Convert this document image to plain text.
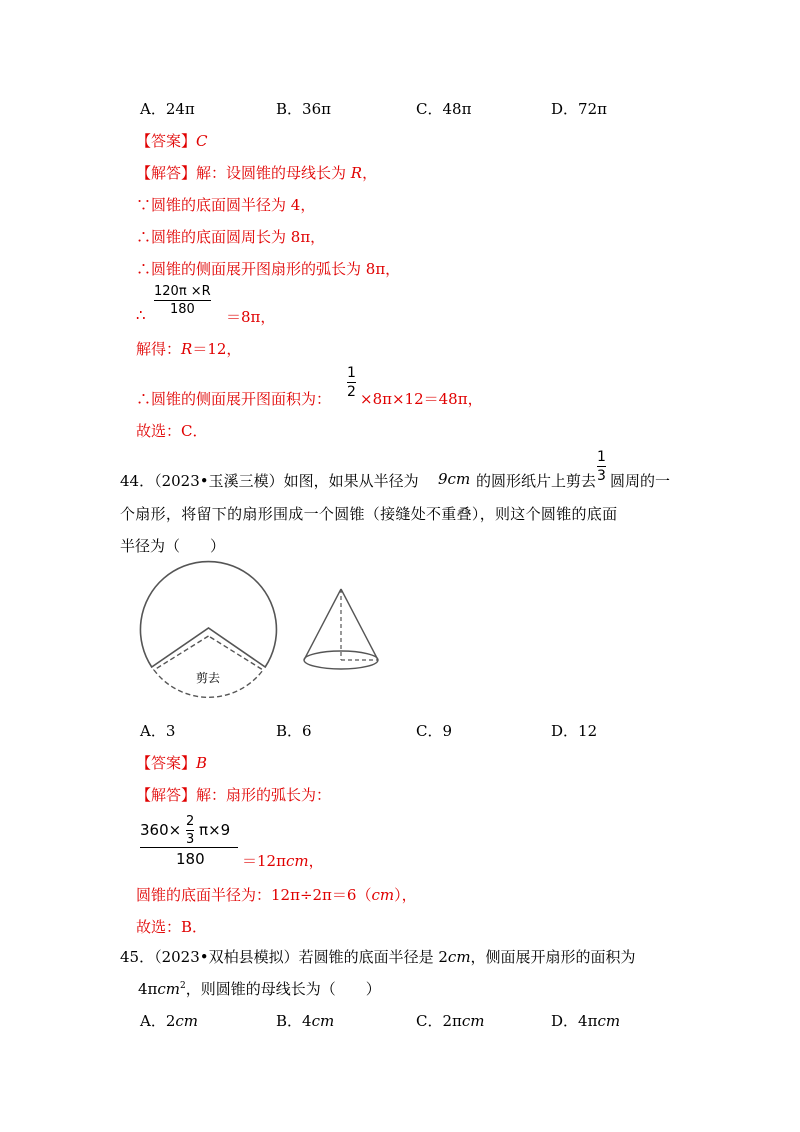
A．24π	B．36π	C．48π	D．72π
【答案】C
【解答】解：设圆锥的母线长为 R，
∵圆锥的底面圆半径为 4，
∴圆锥的底面圆周长为 8π，
∴圆锥的侧面展开图扇形的弧长为 8π，
∴
120π ×R
180 ＝8π，
解得：R＝12，
∴圆锥的侧面展开图面积为：
1
2 ×8π×12＝48π，
故选：C．
44．（2023•玉溪三模）如图，如果从半径为 9cm 的圆形纸片上剪去
1
3 圆周的一
个扇形，将留下的扇形围成一个圆锥（接缝处不重叠），则这个圆锥的底面
半径为（　　）
剪去
A．3	B．6	C．9	D．12
【答案】B
【解答】解：扇形的弧长为：
$360\times \frac{2}{3} \pi\times 9$
180 ＝12πcm，
圆锥的底面半径为：12π÷2π＝6（cm），
故选：B．
45．（2023•双柏县模拟）若圆锥的底面半径是 2cm，侧面展开扇形的面积为
4πcm$^2$，则圆锥的母线长为（　　）
A．2cm	B．4cm	C．2πcm	D．4πcm
